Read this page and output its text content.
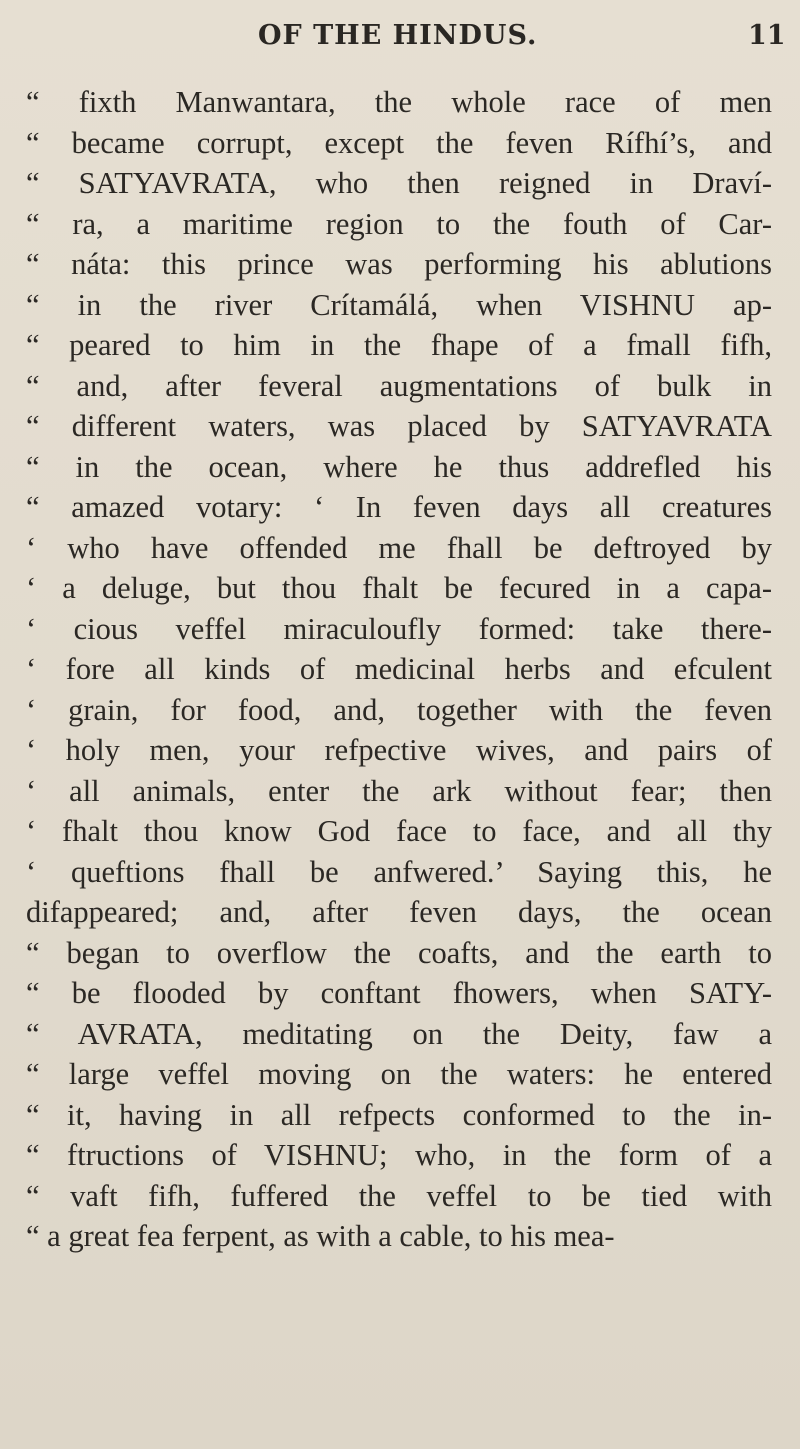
OF THE HINDUS.	11
“ fixth Manwantara, the whole race of men
“ became corrupt, except the feven Rífhí’s, and
“ SATYAVRATA, who then reigned in Draví-
“ ra, a maritime region to the fouth of Car-
“ náta: this prince was performing his ablutions
“ in the river Crítamálá, when VISHNU ap-
“ peared to him in the fhape of a fmall fifh,
“ and, after feveral augmentations of bulk in
“ different waters, was placed by SATYAVRATA
“ in the ocean, where he thus addrefled his
“ amazed votary: ‘ In feven days all creatures
‘ who have offended me fhall be deftroyed by
‘ a deluge, but thou fhalt be fecured in a capa-
‘ cious veffel miraculoufly formed: take there-
‘ fore all kinds of medicinal herbs and efculent
‘ grain, for food, and, together with the feven
‘ holy men, your refpective wives, and pairs of
‘ all animals, enter the ark without fear; then
‘ fhalt thou know God face to face, and all thy
‘ queftions fhall be anfwered.’ Saying this, he
difappeared; and, after feven days, the ocean
“ began to overflow the coafts, and the earth to
“ be flooded by conftant fhowers, when SATY-
“ AVRATA, meditating on the Deity, faw a
“ large veffel moving on the waters: he entered
“ it, having in all refpects conformed to the in-
“ ftructions of VISHNU; who, in the form of a
“ vaft fifh, fuffered the veffel to be tied with
“ a great fea ferpent, as with a cable, to his mea-
